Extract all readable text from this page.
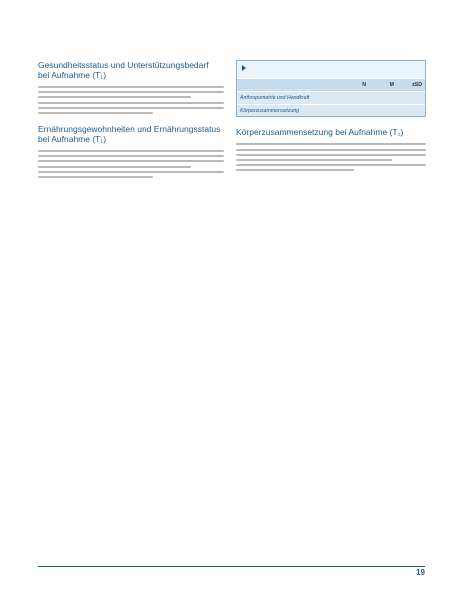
Gesundheitsstatus und Unterstützungsbedarf
bei Aufnahme (T₁)
Ernährungsgewohnheiten und Ernährungsstatus
bei Aufnahme (T₁)
	N	M	±SD
Anthropometrie und Handkraft
Körperzusammensetzung
Körperzusammensetzung bei Aufnahme (T₁)
19
